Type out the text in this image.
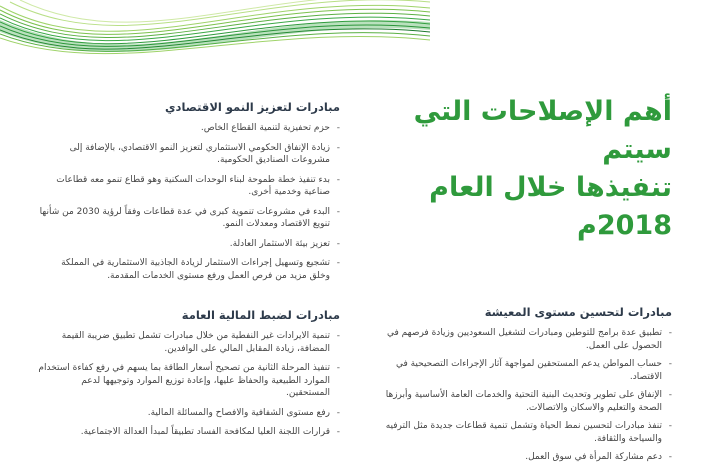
أهم الإصلاحات التي سيتم
تنفيذها خلال العام 2018م
مبادرات لتحسين مستوى المعيشة
- تطبيق عدة برامج للتوطين ومبادرات لتشغيل السعوديين وزيادة فرصهم في الحصول على العمل.
- حساب المواطن يدعم المستحقين لمواجهة آثار الإجراءات التصحيحية في الاقتصاد.
- الإنفاق على تطوير وتحديث البنية التحتية والخدمات العامة الأساسية وأبرزها الصحة والتعليم والاسكان والاتصالات.
- تنفذ مبادرات لتحسين نمط الحياة وتشمل تنمية قطاعات جديدة مثل الترفيه والسياحة والثقافة.
- دعم مشاركة المرأة في سوق العمل.
مبادرات لتعزيز النمو الاقتصادي
- حزم تحفيزية لتنمية القطاع الخاص.
- زيادة الإنفاق الحكومي الاستثماري لتعزيز النمو الاقتصادي، بالإضافة إلى مشروعات الصناديق الحكومية.
- بدء تنفيذ خطة طموحة لبناء الوحدات السكنية وهو قطاع تنمو معه قطاعات صناعية وخدمية أخرى.
- البدء في مشروعات تنموية كبرى في عدة قطاعات وفقاً لرؤية 2030 من شأنها تنويع الاقتصاد ومعدلات النمو.
- تعزيز بيئة الاستثمار العادلة.
- تشجيع وتسهيل إجراءات الاستثمار لزيادة الجاذبية الاستثمارية في المملكة وخلق مزيد من فرص العمل ورفع مستوى الخدمات المقدمة.
مبادرات لضبط المالية العامة
- تنمية الايرادات غير النفطية من خلال مبادرات تشمل تطبيق ضريبة القيمة المضافة، زيادة المقابل المالي على الوافدين.
- تنفيذ المرحلة الثانية من تصحيح أسعار الطاقة بما يسهم في رفع كفاءة استخدام الموارد الطبيعية والحفاظ عليها، وإعادة توزيع الموارد وتوجيهها لدعم المستحقين.
- رفع مستوى الشفافية والافصاح والمسائلة المالية.
- قرارات اللجنة العليا لمكافحة الفساد تطبيقاً لمبدأ العدالة الاجتماعية.
